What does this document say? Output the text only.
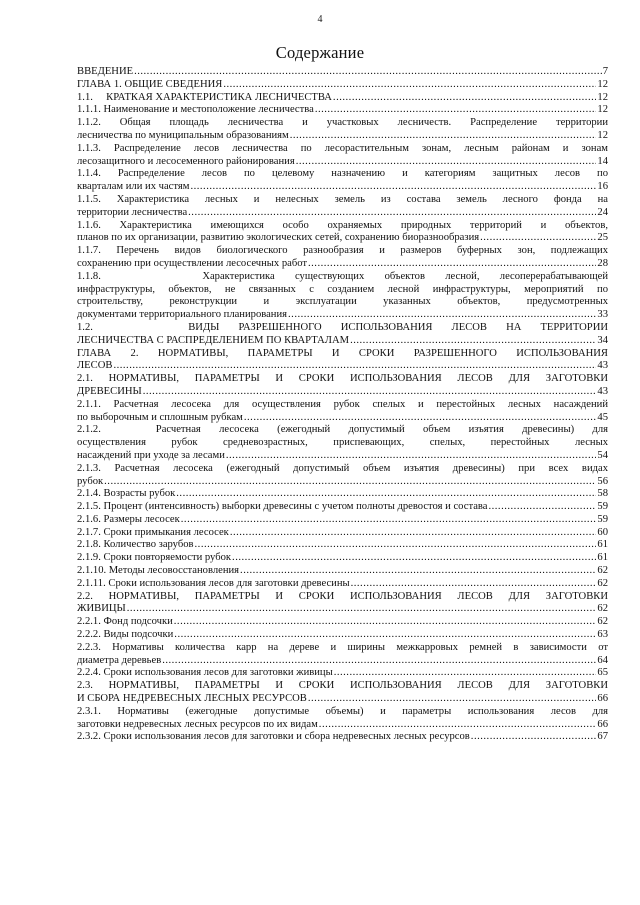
4
Содержание
ВВЕДЕНИЕ .....	7
ГЛАВА 1. ОБЩИЕ СВЕДЕНИЯ .....	12
1.1.     КРАТКАЯ ХАРАКТЕРИСТИКА ЛЕСНИЧЕСТВА .....	12
1.1.1. Наименование и местоположение лесничества .....	12
1.1.2. Общая площадь лесничества и участковых лесничеств. Распределение территории
лесничества по муниципальным образованиям .....	12
1.1.3. Распределение лесов лесничества по лесорастительным зонам, лесным районам и зонам
лесозащитного и лесосеменного районирования .....	14
1.1.4. Распределение лесов по целевому назначению и категориям защитных лесов по
кварталам или их частям .....	16
1.1.5. Характеристика лесных и нелесных земель из состава земель лесного фонда на
территории лесничества .....	24
1.1.6. Характеристика имеющихся особо охраняемых природных территорий и объектов,
планов по их организации, развитию экологических сетей, сохранению биоразнообразия .....	25
1.1.7. Перечень видов биологического разнообразия и размеров буферных зон, подлежащих
сохранению при осуществлении лесосечных работ .....	28
1.1.8.     Характеристика существующих объектов лесной, лесоперерабатывающей
инфраструктуры, объектов, не связанных с созданием лесной инфраструктуры, мероприятий по
строительству, реконструкции и эксплуатации указанных объектов, предусмотренных
документами территориального планирования .....	33
1.2.     ВИДЫ РАЗРЕШЕННОГО ИСПОЛЬЗОВАНИЯ ЛЕСОВ НА ТЕРРИТОРИИ
ЛЕСНИЧЕСТВА С РАСПРЕДЕЛЕНИЕМ ПО КВАРТАЛАМ .....	34
ГЛАВА 2. НОРМАТИВЫ, ПАРАМЕТРЫ И СРОКИ РАЗРЕШЕННОГО ИСПОЛЬЗОВАНИЯ
ЛЕСОВ .....	43
2.1. НОРМАТИВЫ, ПАРАМЕТРЫ И СРОКИ ИСПОЛЬЗОВАНИЯ ЛЕСОВ ДЛЯ ЗАГОТОВКИ
ДРЕВЕСИНЫ .....	43
2.1.1. Расчетная лесосека для осуществления рубок спелых и перестойных лесных насаждений
по выборочным и сплошным рубкам .....	45
2.1.2.   Расчетная лесосека (ежегодный допустимый объем изъятия древесины) для
осуществления рубок средневозрастных, приспевающих, спелых, перестойных лесных
насаждений при уходе за лесами .....	54
2.1.3. Расчетная лесосека (ежегодный допустимый объем изъятия древесины) при всех видах
рубок .....	56
2.1.4. Возрасты рубок .....	58
2.1.5. Процент (интенсивность) выборки древесины с учетом полноты древостоя и состава .....	59
2.1.6. Размеры лесосек .....	59
2.1.7. Сроки примыкания лесосек .....	60
2.1.8. Количество зарубов .....	61
2.1.9. Сроки повторяемости рубок .....	61
2.1.10. Методы лесовосстановления .....	62
2.1.11. Сроки использования лесов для заготовки древесины .....	62
2.2. НОРМАТИВЫ, ПАРАМЕТРЫ И СРОКИ ИСПОЛЬЗОВАНИЯ ЛЕСОВ ДЛЯ ЗАГОТОВКИ
ЖИВИЦЫ .....	62
2.2.1. Фонд подсочки .....	62
2.2.2. Виды подсочки .....	63
2.2.3. Нормативы количества карр на дереве и ширины межкарровых ремней в зависимости от
диаметра деревьев .....	64
2.2.4. Сроки использования лесов для заготовки живицы .....	65
2.3. НОРМАТИВЫ, ПАРАМЕТРЫ И СРОКИ ИСПОЛЬЗОВАНИЯ ЛЕСОВ ДЛЯ ЗАГОТОВКИ
И СБОРА НЕДРЕВЕСНЫХ ЛЕСНЫХ РЕСУРСОВ .....	66
2.3.1. Нормативы (ежегодные допустимые объемы) и параметры использования лесов для
заготовки недревесных лесных ресурсов по их видам .....	66
2.3.2. Сроки использования лесов для заготовки и сбора недревесных лесных ресурсов .....	67
